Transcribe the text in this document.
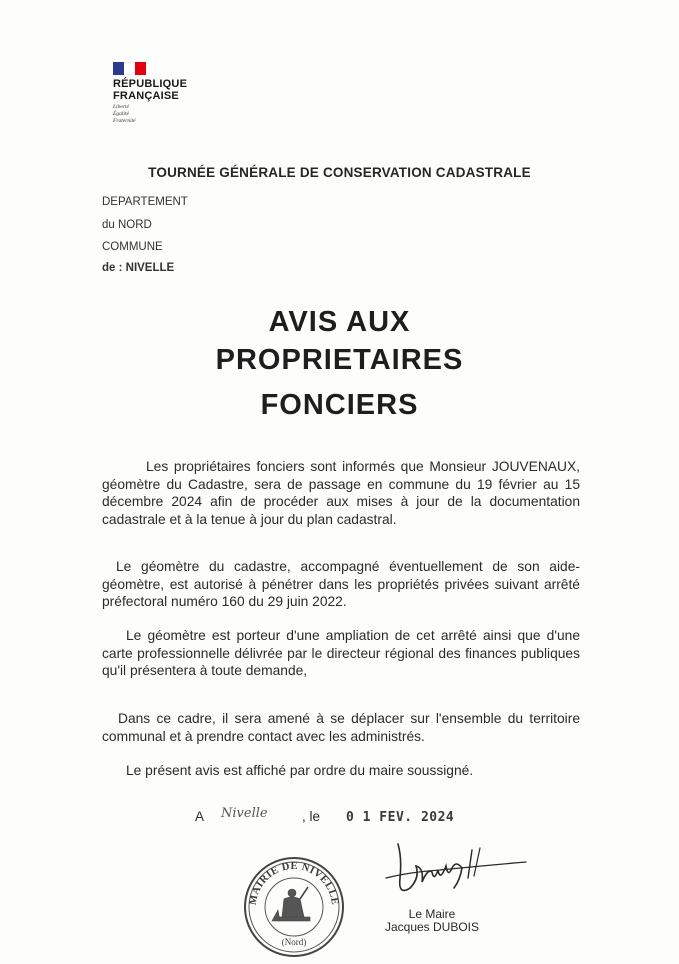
RÉPUBLIQUE
FRANÇAISE
Liberté
Égalité
Fraternité
TOURNÉE GÉNÉRALE DE CONSERVATION CADASTRALE
DEPARTEMENT
du NORD
COMMUNE
de : NIVELLE
AVIS AUX
PROPRIETAIRES
FONCIERS
Les propriétaires fonciers sont informés que Monsieur JOUVENAUX, géomètre du Cadastre, sera de passage en commune du 19 février au 15 décembre 2024 afin de procéder aux mises à jour de la documentation cadastrale et à la tenue à jour du plan cadastral.
Le géomètre du cadastre, accompagné éventuellement de son aide-géomètre, est autorisé à pénétrer dans les propriétés privées suivant arrêté préfectoral numéro 160 du 29 juin 2022.
Le géomètre est porteur d'une ampliation de cet arrêté ainsi que d'une carte professionnelle délivrée par le directeur régional des finances publiques qu'il présentera à toute demande,
Dans ce cadre, il sera amené à se déplacer sur l'ensemble du territoire communal et à prendre contact avec les administrés.
Le présent avis est affiché par ordre du maire soussigné.
A Nivelle	, le 0 1 FEV. 2024
MAIRIE DE NIVELLE
(Nord)
Le Maire
Jacques DUBOIS
